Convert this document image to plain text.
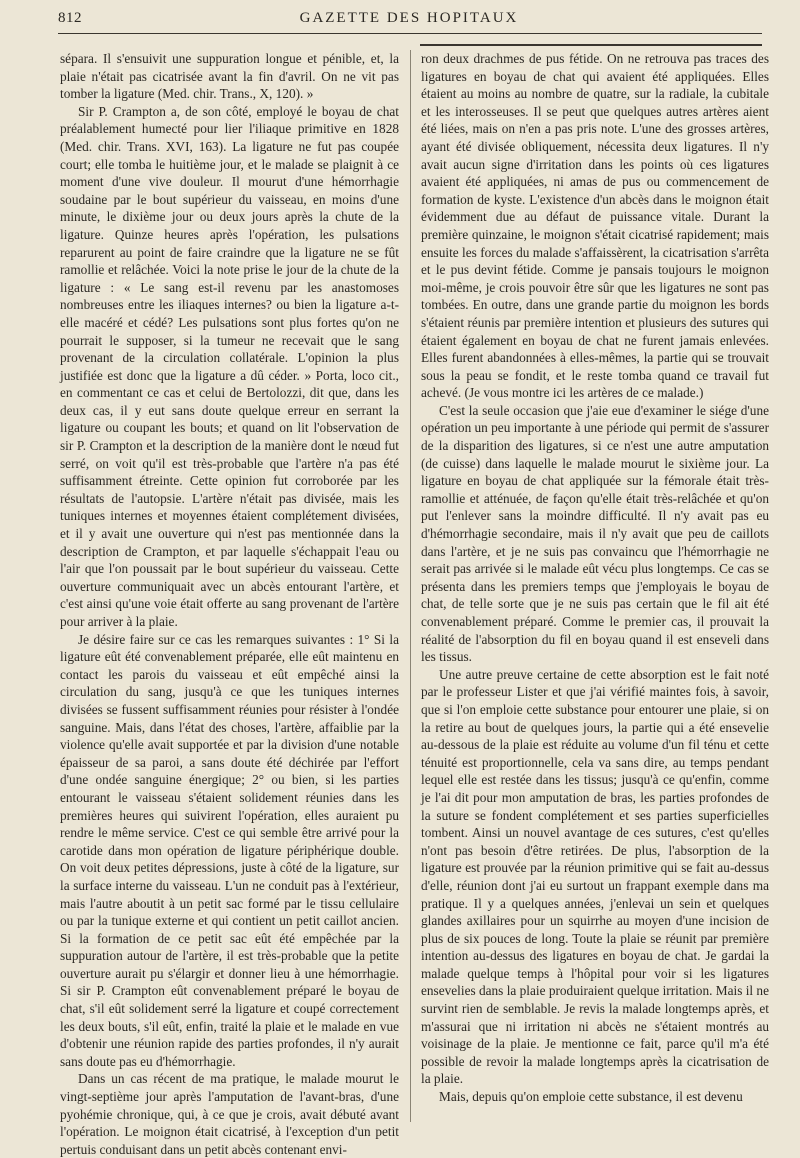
812	GAZETTE DES HOPITAUX

sépara. Il s'ensuivit une suppuration longue et pénible, et, la plaie n'était pas cicatrisée avant la fin d'avril. On ne vit pas tomber la ligature (Med. chir. Trans., X, 120). »

Sir P. Crampton a, de son côté, employé le boyau de chat préalablement humecté pour lier l'iliaque primitive en 1828 (Med. chir. Trans. XVI, 163). La ligature ne fut pas coupée court; elle tomba le huitième jour, et le malade se plaignit à ce moment d'une vive douleur. Il mourut d'une hémorrhagie soudaine par le bout supérieur du vaisseau, en moins d'une minute, le dixième jour ou deux jours après la chute de la ligature. Quinze heures après l'opération, les pulsations reparurent au point de faire craindre que la ligature ne se fût ramollie et relâchée. Voici la note prise le jour de la chute de la ligature : « Le sang est-il revenu par les anastomoses nombreuses entre les iliaques internes? ou bien la ligature a-t-elle macéré et cédé? Les pulsations sont plus fortes qu'on ne pourrait le supposer, si la tumeur ne recevait que le sang provenant de la circulation collatérale. L'opinion la plus justifiée est donc que la ligature a dû céder. » Porta, loco cit., en commentant ce cas et celui de Bertolozzi, dit que, dans les deux cas, il y eut sans doute quelque erreur en serrant la ligature ou coupant les bouts; et quand on lit l'observation de sir P. Crampton et la description de la manière dont le nœud fut serré, on voit qu'il est très-probable que l'artère n'a pas été suffisamment étreinte. Cette opinion fut corroborée par les résultats de l'autopsie. L'artère n'était pas divisée, mais les tuniques internes et moyennes étaient complétement divisées, et il y avait une ouverture qui n'est pas mentionnée dans la description de Crampton, et par laquelle s'échappait l'eau ou l'air que l'on poussait par le bout supérieur du vaisseau. Cette ouverture communiquait avec un abcès entourant l'artère, et c'est ainsi qu'une voie était offerte au sang provenant de l'artère pour arriver à la plaie.

Je désire faire sur ce cas les remarques suivantes : 1° Si la ligature eût été convenablement préparée, elle eût maintenu en contact les parois du vaisseau et eût empêché ainsi la circulation du sang, jusqu'à ce que les tuniques internes divisées se fussent suffisamment réunies pour résister à l'ondée sanguine. Mais, dans l'état des choses, l'artère, affaiblie par la violence qu'elle avait supportée et par la division d'une notable épaisseur de sa paroi, a sans doute été déchirée par l'effort d'une ondée sanguine énergique; 2° ou bien, si les parties entourant le vaisseau s'étaient solidement réunies dans les premières heures qui suivirent l'opération, elles auraient pu rendre le même service. C'est ce qui semble être arrivé pour la carotide dans mon opération de ligature périphérique double. On voit deux petites dépressions, juste à côté de la ligature, sur la surface interne du vaisseau. L'un ne conduit pas à l'extérieur, mais l'autre aboutit à un petit sac formé par le tissu cellulaire ou par la tunique externe et qui contient un petit caillot ancien. Si la formation de ce petit sac eût été empêchée par la suppuration autour de l'artère, il est très-probable que la petite ouverture aurait pu s'élargir et donner lieu à une hémorrhagie. Si sir P. Crampton eût convenablement préparé le boyau de chat, s'il eût solidement serré la ligature et coupé correctement les deux bouts, s'il eût, enfin, traité la plaie et le malade en vue d'obtenir une réunion rapide des parties profondes, il n'y aurait sans doute pas eu d'hémorrhagie.

Dans un cas récent de ma pratique, le malade mourut le vingt-septième jour après l'amputation de l'avant-bras, d'une pyohémie chronique, qui, à ce que je crois, avait débuté avant l'opération. Le moignon était cicatrisé, à l'exception d'un petit pertuis conduisant dans un petit abcès contenant envi-

ron deux drachmes de pus fétide. On ne retrouva pas traces des ligatures en boyau de chat qui avaient été appliquées. Elles étaient au moins au nombre de quatre, sur la radiale, la cubitale et les interosseuses. Il se peut que quelques autres artères aient été liées, mais on n'en a pas pris note. L'une des grosses artères, ayant été divisée obliquement, nécessita deux ligatures. Il n'y avait aucun signe d'irritation dans les points où ces ligatures avaient été appliquées, ni amas de pus ou commencement de formation de kyste. L'existence d'un abcès dans le moignon était évidemment due au défaut de puissance vitale. Durant la première quinzaine, le moignon s'était cicatrisé rapidement; mais ensuite les forces du malade s'affaissèrent, la cicatrisation s'arrêta et le pus devint fétide. Comme je pansais toujours le moignon moi-même, je crois pouvoir être sûr que les ligatures ne sont pas tombées. En outre, dans une grande partie du moignon les bords s'étaient réunis par première intention et plusieurs des sutures qui étaient également en boyau de chat ne furent jamais enlevées. Elles furent abandonnées à elles-mêmes, la partie qui se trouvait sous la peau se fondit, et le reste tomba quand ce travail fut achevé. (Je vous montre ici les artères de ce malade.)

C'est la seule occasion que j'aie eue d'examiner le siége d'une opération un peu importante à une période qui permit de s'assurer de la disparition des ligatures, si ce n'est une autre amputation (de cuisse) dans laquelle le malade mourut le sixième jour. La ligature en boyau de chat appliquée sur la fémorale était très-ramollie et atténuée, de façon qu'elle était très-relâchée et qu'on put l'enlever sans la moindre difficulté. Il n'y avait pas eu d'hémorrhagie secondaire, mais il n'y avait que peu de caillots dans l'artère, et je ne suis pas convaincu que l'hémorrhagie ne serait pas arrivée si le malade eût vécu plus longtemps. Ce cas se présenta dans les premiers temps que j'employais le boyau de chat, de telle sorte que je ne suis pas certain que le fil ait été convenablement préparé. Comme le premier cas, il prouvait la réalité de l'absorption du fil en boyau quand il est enseveli dans les tissus.

Une autre preuve certaine de cette absorption est le fait noté par le professeur Lister et que j'ai vérifié maintes fois, à savoir, que si l'on emploie cette substance pour entourer une plaie, si on la retire au bout de quelques jours, la partie qui a été ensevelie au-dessous de la plaie est réduite au volume d'un fil ténu et cette ténuité est proportionnelle, cela va sans dire, au temps pendant lequel elle est restée dans les tissus; jusqu'à ce qu'enfin, comme je l'ai dit pour mon amputation de bras, les parties profondes de la suture se fondent complétement et ses parties superficielles tombent. Ainsi un nouvel avantage de ces sutures, c'est qu'elles n'ont pas besoin d'être retirées. De plus, l'absorption de la ligature est prouvée par la réunion primitive qui se fait au-dessus d'elle, réunion dont j'ai eu surtout un frappant exemple dans ma pratique. Il y a quelques années, j'enlevai un sein et quelques glandes axillaires pour un squirrhe au moyen d'une incision de plus de six pouces de long. Toute la plaie se réunit par première intention au-dessus des ligatures en boyau de chat. Je gardai la malade quelque temps à l'hôpital pour voir si les ligatures ensevelies dans la plaie produiraient quelque irritation. Mais il ne survint rien de semblable. Je revis la malade longtemps après, et m'assurai que ni irritation ni abcès ne s'étaient montrés au voisinage de la plaie. Je mentionne ce fait, parce qu'il m'a été possible de revoir la malade longtemps après la cicatrisation de la plaie.

Mais, depuis qu'on emploie cette substance, il est devenu
